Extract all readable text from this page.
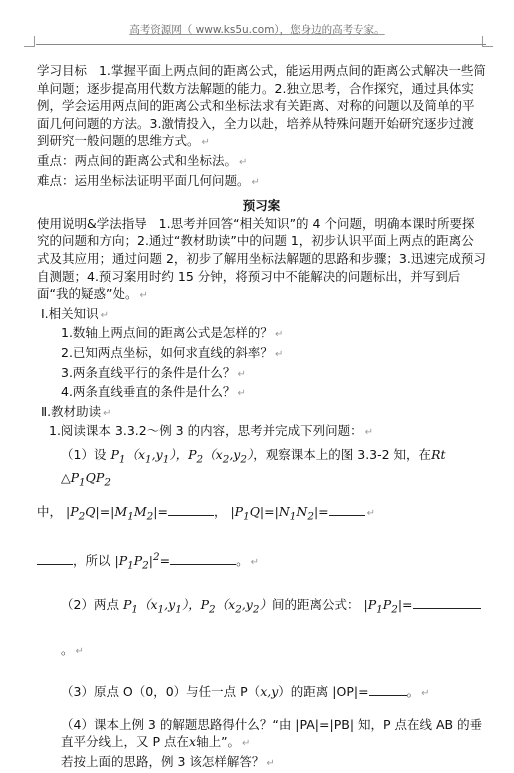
高考资源网（ www.ks5u.com），您身边的高考专家。

学习目标 1.掌握平面上两点间的距离公式，能运用两点间的距离公式解决一些简单问题；逐步提高用代数方法解题的能力。2.独立思考，合作探究，通过具体实例，学会运用两点间的距离公式和坐标法求有关距离、对称的问题以及简单的平面几何问题的方法。3.激情投入，全力以赴，培养从特殊问题开始研究逐步过渡到研究一般问题的思维方式。 ↵

重点：两点间的距离公式和坐标法。 ↵

难点：运用坐标法证明平面几何问题。 ↵

预习案

使用说明&学法指导 1.思考并回答“相关知识”的 4 个问题，明确本课时所要探究的问题和方向；2.通过“教材助读”中的问题 1，初步认识平面上两点的距离公式及其应用；通过问题 2，初步了解用坐标法解题的思路和步骤；3.迅速完成预习自测题；4.预习案用时约 15 分钟，将预习中不能解决的问题标出，并写到后面“我的疑惑”处。 ↵

Ⅰ.相关知识 ↵

1.数轴上两点间的距离公式是怎样的？ ↵

2.已知两点坐标，如何求直线的斜率？ ↵

3.两条直线平行的条件是什么？ ↵

4.两条直线垂直的条件是什么？ ↵

Ⅱ.教材助读 ↵

1.阅读课本 3.3.2～例 3 的内容，思考并完成下列问题： ↵

（1）设 $P_1(x_1,y_1)$，$P_2(x_2,y_2)$，观察课本上的图 3.3-2 知，在Rt $\triangle P_1QP_2$

中， $|P_2Q|=|M_1M_2|=$	， $|P_1Q|=|N_1N_2|=$	↵

，所以 $|P_1P_2|^2=$	。 ↵

（2）两点 $P_1(x_1,y_1)$，$P_2(x_2,y_2)$间的距离公式： $|P_1P_2|=$。 ↵

（3）原点 O（0，0）与任一点 P（x,y）的距离 |OP|=	。 ↵

（4）课本上例 3 的解题思路得什么？“由 |PA|=|PB| 知，P 点在线 AB 的垂直平分线上，又 P 点在x轴上”。 ↵

若按上面的思路，例 3 该怎样解答？ ↵
